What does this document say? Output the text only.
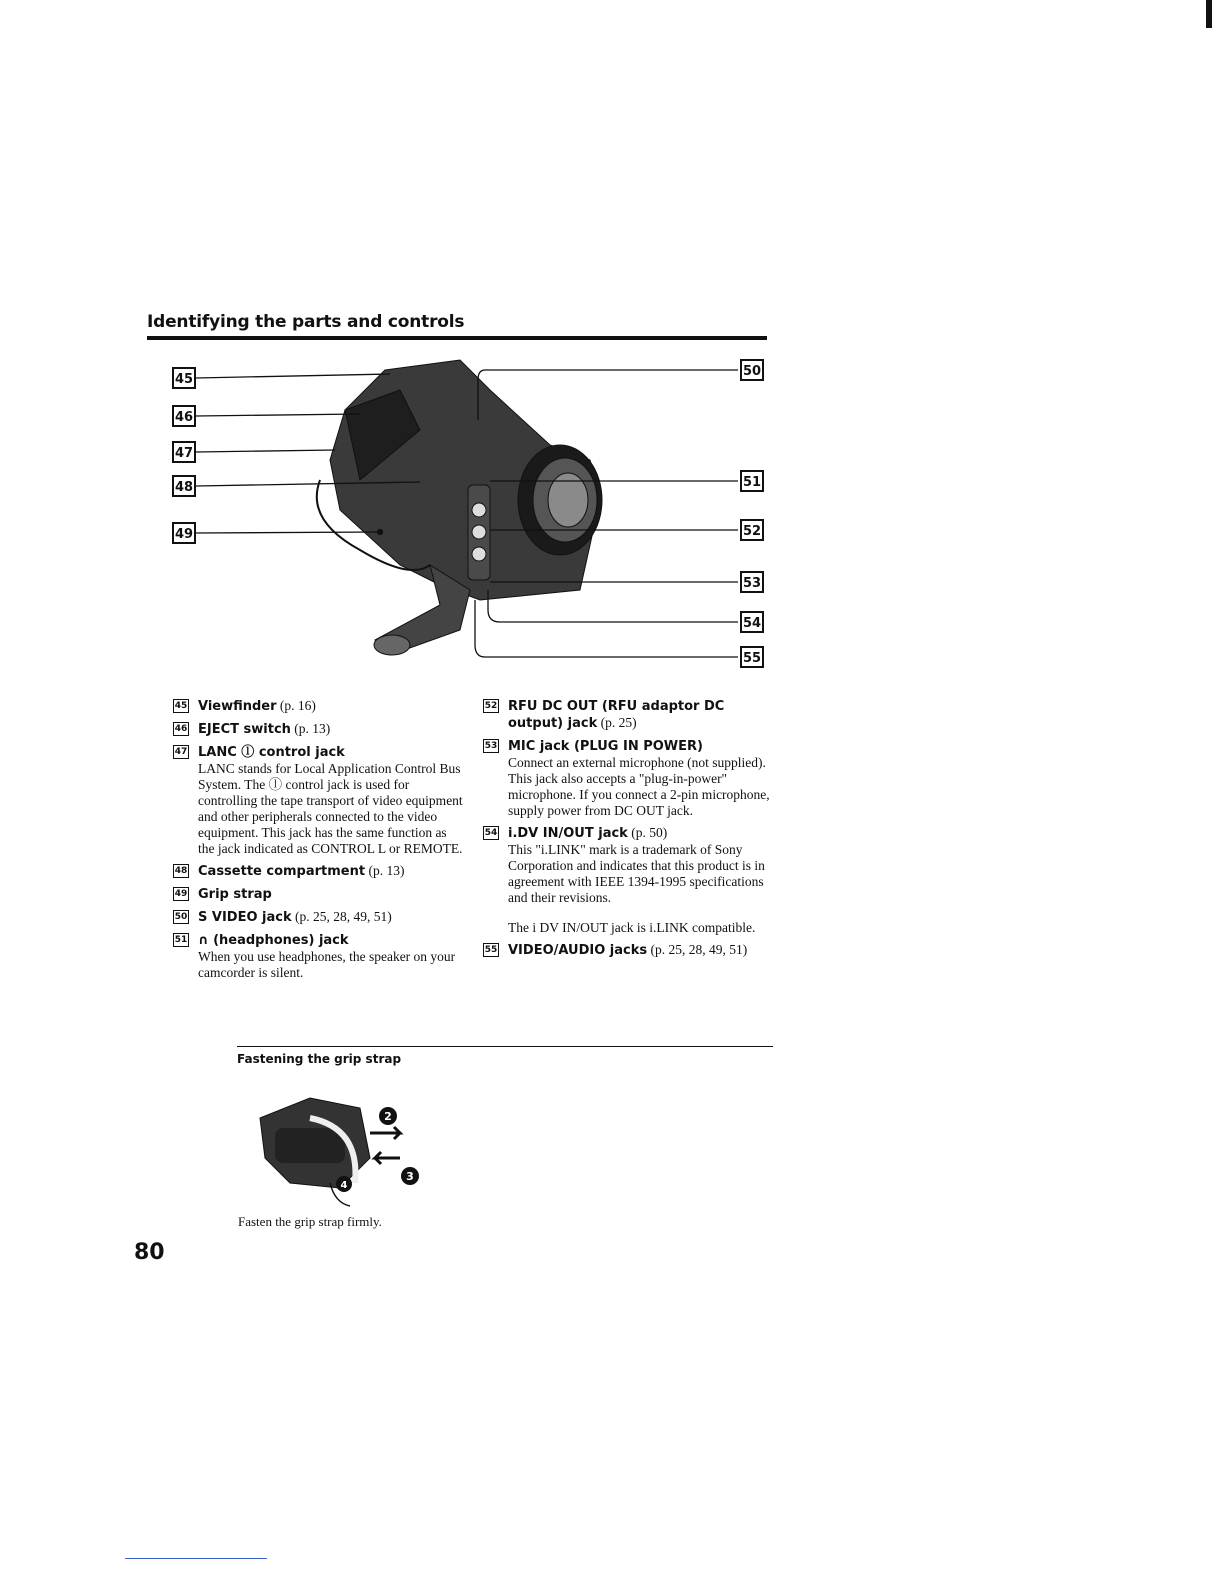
Identifying the parts and controls
45
46
47
48
49
50
51
52
53
54
55
45 Viewfinder (p. 16)
46 EJECT switch (p. 13)
47 LANC ⓛ control jack
LANC stands for Local Application Control Bus System. The ⓛ control jack is used for controlling the tape transport of video equipment and other peripherals connected to the video equipment. This jack has the same function as the jack indicated as CONTROL L or REMOTE.
48 Cassette compartment (p. 13)
49 Grip strap
50 S VIDEO jack (p. 25, 28, 49, 51)
51 ∩ (headphones) jack
When you use headphones, the speaker on your camcorder is silent.
52 RFU DC OUT (RFU adaptor DC output) jack (p. 25)
53 MIC jack (PLUG IN POWER)
Connect an external microphone (not supplied). This jack also accepts a "plug-in-power" microphone. If you connect a 2-pin microphone, supply power from DC OUT jack.
54 i.DV IN/OUT jack (p. 50)
This "i.LINK" mark is a trademark of Sony Corporation and indicates that this product is in agreement with IEEE 1394-1995 specifications and their revisions.
The i DV IN/OUT jack is i.LINK compatible.
55 VIDEO/AUDIO jacks (p. 25, 28, 49, 51)
Fastening the grip strap
2
3
4
Fasten the grip strap firmly.
80
